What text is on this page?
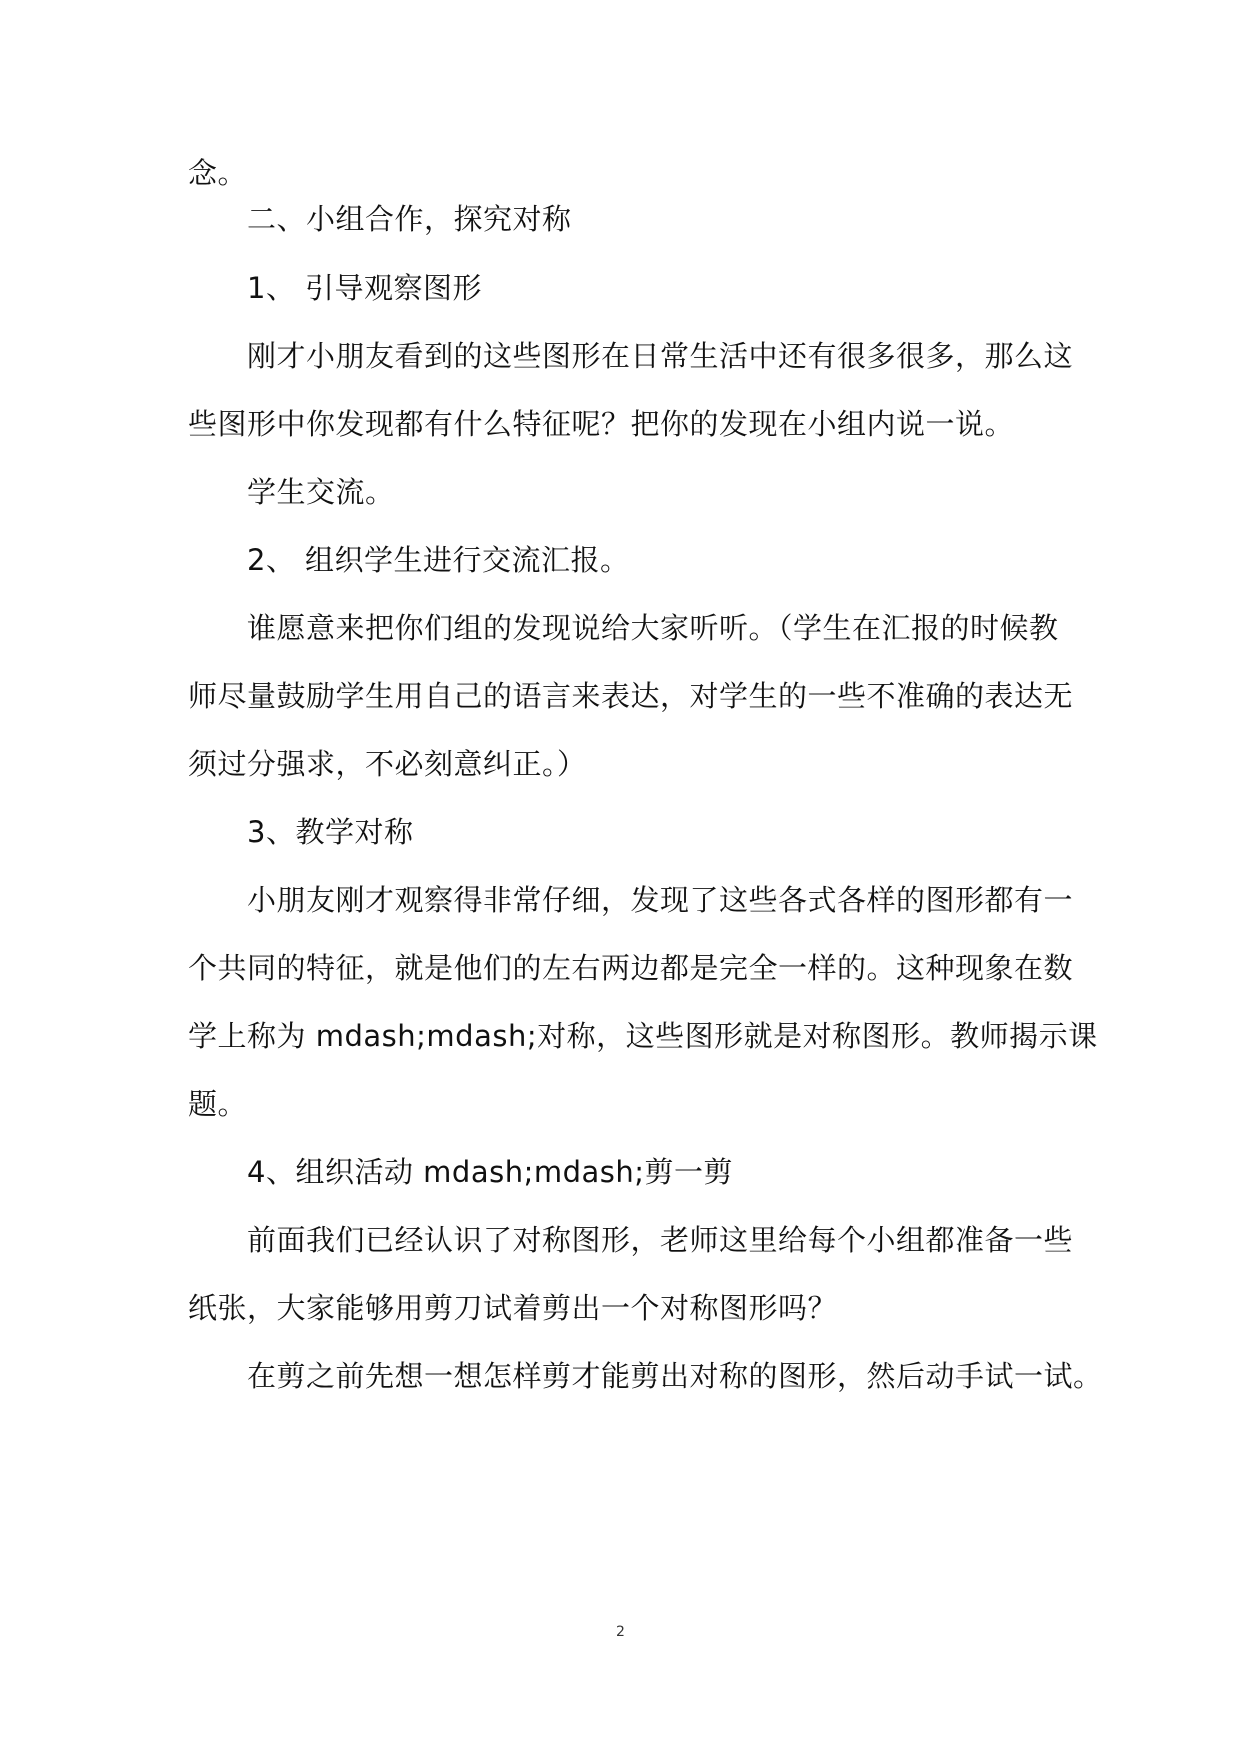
念。
二、小组合作，探究对称
1、 引导观察图形
刚才小朋友看到的这些图形在日常生活中还有很多很多，那么这
些图形中你发现都有什么特征呢？把你的发现在小组内说一说。
学生交流。
2、 组织学生进行交流汇报。
谁愿意来把你们组的发现说给大家听听。（学生在汇报的时候教
师尽量鼓励学生用自己的语言来表达，对学生的一些不准确的表达无
须过分强求，不必刻意纠正。）
3、教学对称
小朋友刚才观察得非常仔细，发现了这些各式各样的图形都有一
个共同的特征，就是他们的左右两边都是完全一样的。这种现象在数
学上称为 mdash;mdash;对称，这些图形就是对称图形。教师揭示课
题。
4、组织活动 mdash;mdash;剪一剪
前面我们已经认识了对称图形，老师这里给每个小组都准备一些
纸张，大家能够用剪刀试着剪出一个对称图形吗？
在剪之前先想一想怎样剪才能剪出对称的图形，然后动手试一试。
2
